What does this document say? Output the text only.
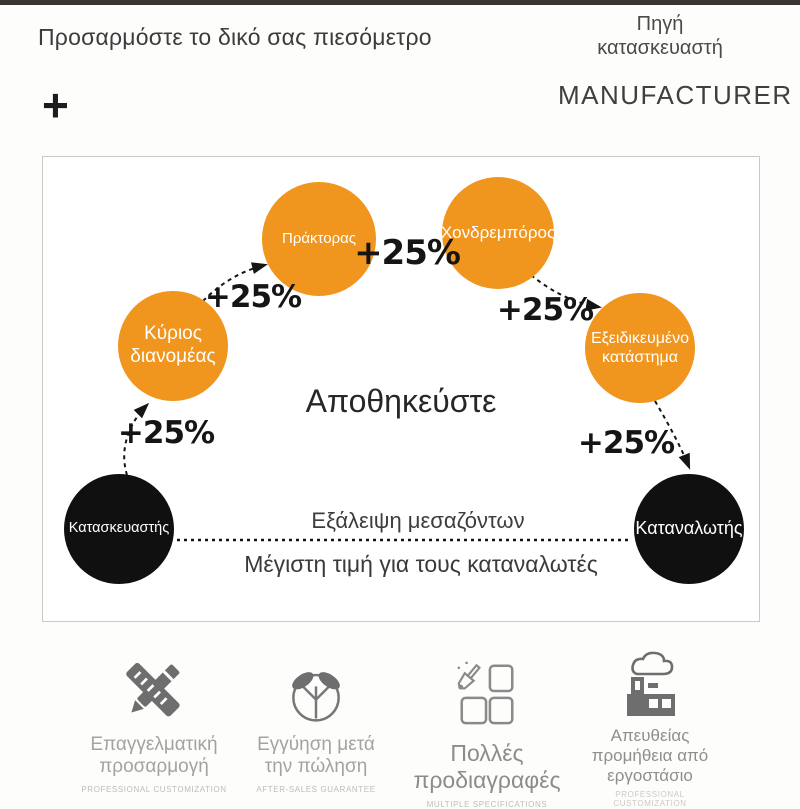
Προσαρμόστε το δικό σας πιεσόμετρο	Πηγή κατασκευαστή
MANUFACTURER
+
Κατασκευαστής
Κύριος διανομέας
Πράκτορας	Χονδρεμπόρος
Εξειδικευμένο κατάστημα
Καταναλωτής
+25%
+25%
+25%
+25%
+25%
Αποθηκεύστε
Εξάλειψη μεσαζόντων
Μέγιστη τιμή για τους καταναλωτές
Επαγγελματική προσαρμογή
PROFESSIONAL CUSTOMIZATION
Εγγύηση μετά την πώληση
AFTER-SALES GUARANTEE
Πολλές προδιαγραφές
MULTIPLE SPECIFICATIONS
Απευθείας προμήθεια από εργοστάσιο
PROFESSIONAL CUSTOMIZATION
